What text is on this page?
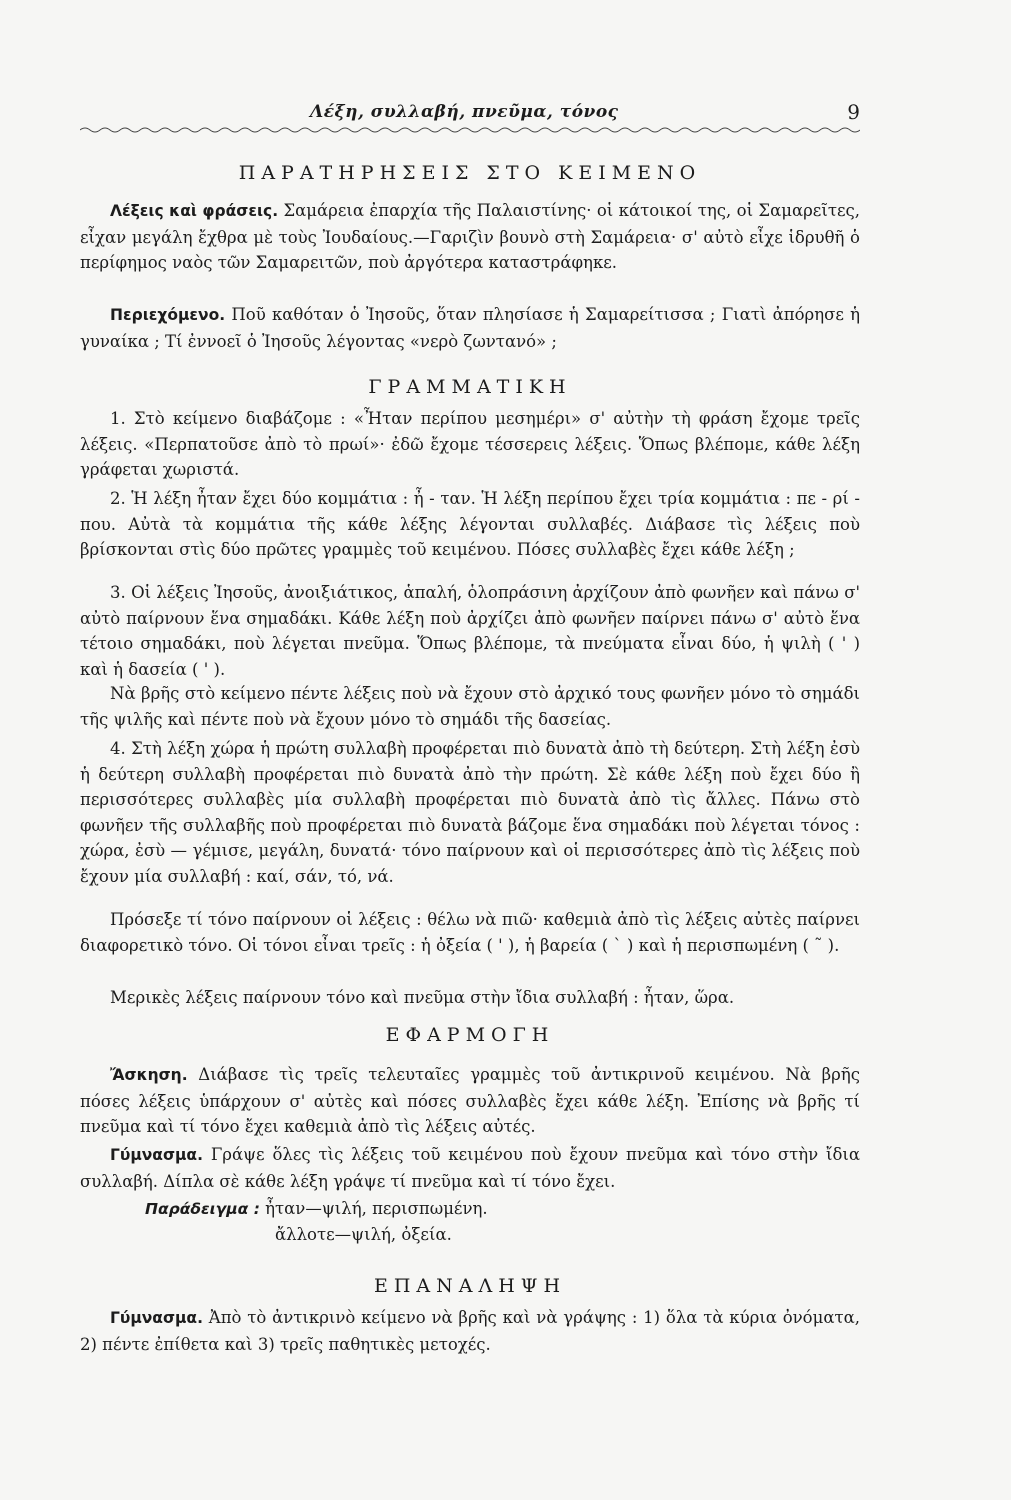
Λέξη, συλλαβή, πνεῦμα, τόνος	9
ΠΑΡΑΤΗΡΗΣΕΙΣ ΣΤΟ ΚΕΙΜΕΝΟ

Λέξεις καὶ φράσεις. Σαμάρεια ἐπαρχία τῆς Παλαιστίνης· οἱ κάτοικοί της, οἱ Σαμαρεῖτες, εἶχαν μεγάλη ἔχθρα μὲ τοὺς Ἰουδαίους.—Γαριζὶν βουνὸ στὴ Σαμάρεια· σ' αὐτὸ εἶχε ἱδρυθῆ ὁ περίφημος ναὸς τῶν Σαμαρειτῶν, ποὺ ἀργότερα καταστράφηκε.

Περιεχόμενο. Ποῦ καθόταν ὁ Ἰησοῦς, ὅταν πλησίασε ἡ Σαμαρείτισσα ; Γιατὶ ἀπόρησε ἡ γυναίκα ; Τί ἐννοεῖ ὁ Ἰησοῦς λέγοντας «νερὸ ζωντανό» ;

ΓΡΑΜΜΑΤΙΚΗ

1. Στὸ κείμενο διαβάζομε : «Ἦταν περίπου μεσημέρι» σ' αὐτὴν τὴ φράση ἔχομε τρεῖς λέξεις. «Περπατοῦσε ἀπὸ τὸ πρωί»· ἐδῶ ἔχομε τέσσερεις λέξεις. Ὅπως βλέπομε, κάθε λέξη γράφεται χωριστά.

2. Ἡ λέξη ἦταν ἔχει δύο κομμάτια : ἦ - ταν. Ἡ λέξη περίπου ἔχει τρία κομμάτια : πε - ρί - που. Αὐτὰ τὰ κομμάτια τῆς κάθε λέξης λέγονται συλλαβές. Διάβασε τὶς λέξεις ποὺ βρίσκονται στὶς δύο πρῶτες γραμμὲς τοῦ κειμένου. Πόσες συλλαβὲς ἔχει κάθε λέξη ;

3. Οἱ λέξεις Ἰησοῦς, ἀνοιξιάτικος, ἁπαλή, ὁλοπράσινη ἀρχίζουν ἀπὸ φωνῆεν καὶ πάνω σ' αὐτὸ παίρνουν ἕνα σημαδάκι. Κάθε λέξη ποὺ ἀρχίζει ἀπὸ φωνῆεν παίρνει πάνω σ' αὐτὸ ἕνα τέτοιο σημαδάκι, ποὺ λέγεται πνεῦμα. Ὅπως βλέπομε, τὰ πνεύματα εἶναι δύο, ἡ ψιλὴ ( ' ) καὶ ἡ δασεία ( ' ).

Νὰ βρῆς στὸ κείμενο πέντε λέξεις ποὺ νὰ ἔχουν στὸ ἀρχικό τους φωνῆεν μόνο τὸ σημάδι τῆς ψιλῆς καὶ πέντε ποὺ νὰ ἔχουν μόνο τὸ σημάδι τῆς δασείας.

4. Στὴ λέξη χώρα ἡ πρώτη συλλαβὴ προφέρεται πιὸ δυνατὰ ἀπὸ τὴ δεύτερη. Στὴ λέξη ἐσὺ ἡ δεύτερη συλλαβὴ προφέρεται πιὸ δυνατὰ ἀπὸ τὴν πρώτη. Σὲ κάθε λέξη ποὺ ἔχει δύο ἢ περισσότερες συλλαβὲς μία συλλαβὴ προφέρεται πιὸ δυνατὰ ἀπὸ τὶς ἄλλες. Πάνω στὸ φωνῆεν τῆς συλλαβῆς ποὺ προφέρεται πιὸ δυνατὰ βάζομε ἕνα σημαδάκι ποὺ λέγεται τόνος : χώρα, ἐσὺ — γέμισε, μεγάλη, δυνατά· τόνο παίρνουν καὶ οἱ περισσότερες ἀπὸ τὶς λέξεις ποὺ ἔχουν μία συλλαβή : καί, σάν, τό, νά.

Πρόσεξε τί τόνο παίρνουν οἱ λέξεις : θέλω νὰ πιῶ· καθεμιὰ ἀπὸ τὶς λέξεις αὐτὲς παίρνει διαφορετικὸ τόνο. Οἱ τόνοι εἶναι τρεῖς : ἡ ὀξεία ( ' ), ἡ βαρεία ( ` ) καὶ ἡ περισπωμένη ( ῀ ).

Μερικὲς λέξεις παίρνουν τόνο καὶ πνεῦμα στὴν ἴδια συλλαβή : ἦταν, ὥρα.

ΕΦΑΡΜΟΓΗ

Ἄσκηση. Διάβασε τὶς τρεῖς τελευταῖες γραμμὲς τοῦ ἀντικρινοῦ κειμένου. Νὰ βρῆς πόσες λέξεις ὑπάρχουν σ' αὐτὲς καὶ πόσες συλλαβὲς ἔχει κάθε λέξη. Ἐπίσης νὰ βρῆς τί πνεῦμα καὶ τί τόνο ἔχει καθεμιὰ ἀπὸ τὶς λέξεις αὐτές.

Γύμνασμα. Γράψε ὅλες τὶς λέξεις τοῦ κειμένου ποὺ ἔχουν πνεῦμα καὶ τόνο στὴν ἴδια συλλαβή. Δίπλα σὲ κάθε λέξη γράψε τί πνεῦμα καὶ τί τόνο ἔχει.

Παράδειγμα : ἦταν—ψιλή, περισπωμένη.
ἄλλοτε—ψιλή, ὀξεία.
ΕΠΑΝΑΛΗΨΗ

Γύμνασμα. Ἀπὸ τὸ ἀντικρινὸ κείμενο νὰ βρῆς καὶ νὰ γράψης : 1) ὅλα τὰ κύρια ὀνόματα, 2) πέντε ἐπίθετα καὶ 3) τρεῖς παθητικὲς μετοχές.
